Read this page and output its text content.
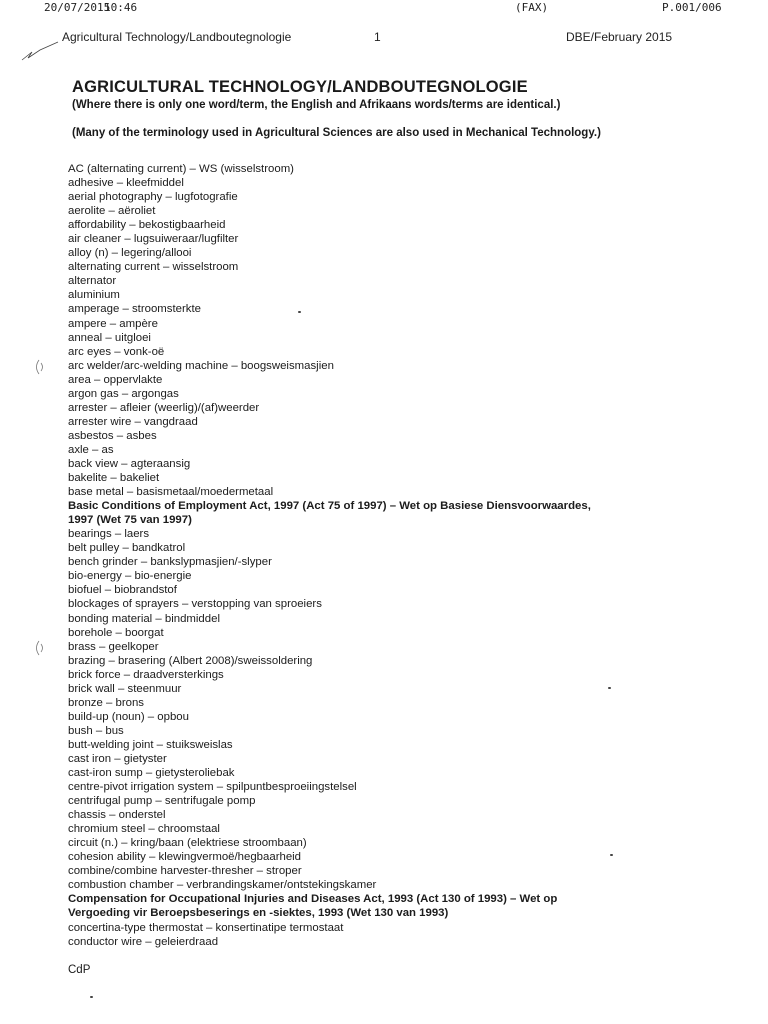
20/07/2015
10:46	(FAX)	P.001/006
Agricultural Technology/Landboutegnologie	1	DBE/February 2015
AGRICULTURAL TECHNOLOGY/LANDBOUTEGNOLOGIE

(Where there is only one word/term, the English and Afrikaans words/terms are identical.)

(Many of the terminology used in Agricultural Sciences are also used in Mechanical Technology.)

AC (alternating current) – WS (wisselstroom)
adhesive – kleefmiddel
aerial photography – lugfotografie
aerolite – aëroliet
affordability – bekostigbaarheid
air cleaner – lugsuiweraar/lugfilter
alloy (n) – legering/allooi
alternating current – wisselstroom
alternator
aluminium
amperage – stroomsterkte
ampere – ampère
anneal – uitgloei
arc eyes – vonk-oë
arc welder/arc-welding machine – boogsweismasjien
area – oppervlakte
argon gas – argongas
arrester – afleier (weerlig)/(af)weerder
arrester wire – vangdraad
asbestos – asbes
axle – as
back view – agteraansig
bakelite – bakeliet
base metal – basismetaal/moedermetaal
Basic Conditions of Employment Act, 1997 (Act 75 of 1997) – Wet op Basiese Diensvoorwaardes,
1997 (Wet 75 van 1997)
bearings – laers
belt pulley – bandkatrol
bench grinder – bankslypmasjien/-slyper
bio-energy – bio-energie
biofuel – biobrandstof
blockages of sprayers – verstopping van sproeiers
bonding material – bindmiddel
borehole – boorgat
brass – geelkoper
brazing – brasering (Albert 2008)/sweissoldering
brick force – draadversterkings
brick wall – steenmuur
bronze – brons
build-up (noun) – opbou
bush – bus
butt-welding joint – stuiksweislas
cast iron – gietyster
cast-iron sump – gietysteroliebak
centre-pivot irrigation system – spilpuntbesproeiingstelsel
centrifugal pump – sentrifugale pomp
chassis – onderstel
chromium steel – chroomstaal
circuit (n.) – kring/baan (elektriese stroombaan)
cohesion ability – klewingvermoë/hegbaarheid
combine/combine harvester-thresher – stroper
combustion chamber – verbrandingskamer/ontstekingskamer
Compensation for Occupational Injuries and Diseases Act, 1993 (Act 130 of 1993) – Wet op
Vergoeding vir Beroepsbeserings en -siektes, 1993 (Wet 130 van 1993)
concertina-type thermostat – konsertinatipe termostaat
conductor wire – geleierdraad
CdP
